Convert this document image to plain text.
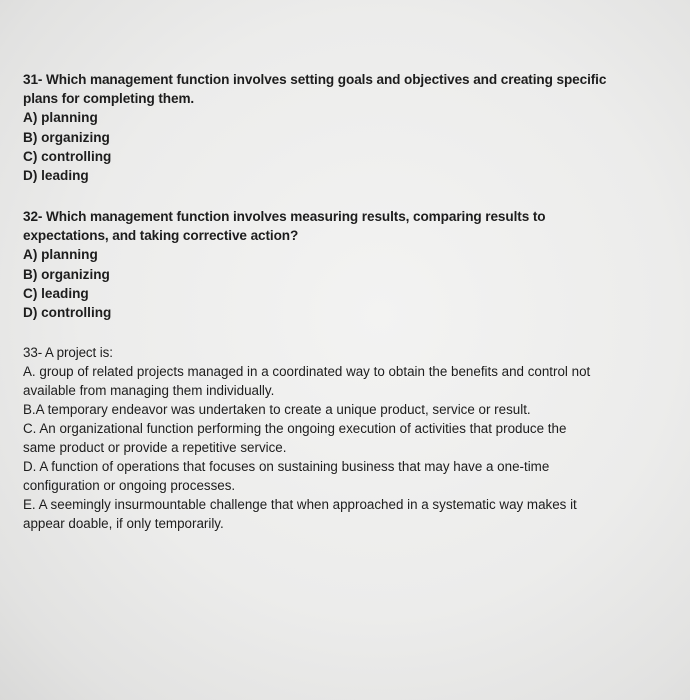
31- Which management function involves setting goals and objectives and creating specific
plans for completing them.
A) planning
B) organizing
C) controlling
D) leading
32- Which management function involves measuring results, comparing results to
expectations, and taking corrective action?
A) planning
B) organizing
C) leading
D) controlling
33- A project is:
A. group of related projects managed in a coordinated way to obtain the benefits and control not
available from managing them individually.
B.A temporary endeavor was undertaken to create a unique product, service or result.
C. An organizational function performing the ongoing execution of activities that produce the
same product or provide a repetitive service.
D. A function of operations that focuses on sustaining business that may have a one-time
configuration or ongoing processes.
E. A seemingly insurmountable challenge that when approached in a systematic way makes it
appear doable, if only temporarily.
